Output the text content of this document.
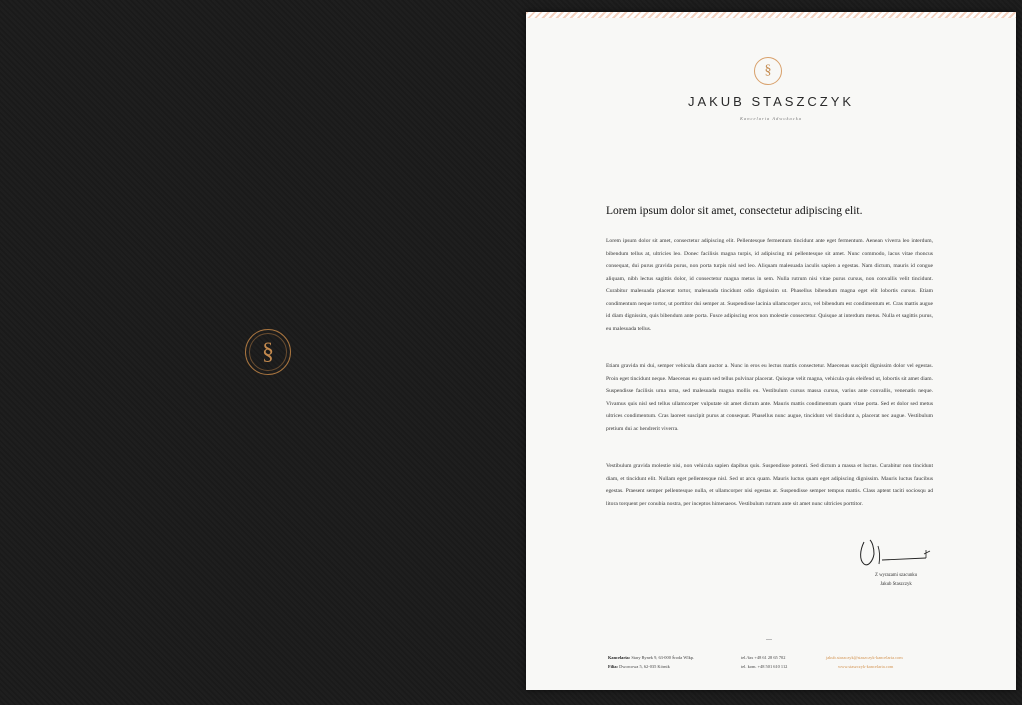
§
§
JAKUB STASZCZYK
Kancelaria Adwokacka
Lorem ipsum dolor sit amet, consectetur adipiscing elit.

Lorem ipsum dolor sit amet, consectetur adipiscing elit. Pellentesque fermentum tincidunt ante eget fermentum. Aenean viverra leo interdum, bibendum tellus at, ultricies leo. Donec facilisis magna turpis, id adipiscing mi pellentesque sit amet. Nunc commodo, lacus vitae rhoncus consequat, dui purus gravida purus, non porta turpis nisl sed leo. Aliquam malesuada iaculis sapien a egestas. Nam dictum, mauris id congue aliquam, nibh lectus sagittis dolor, id consectetur magna metus in sem. Nulla rutrum nisi vitae purus cursus, non convallis velit tincidunt. Curabitur malesuada placerat tortor, malesuada tincidunt odio dignissim ut. Phasellus bibendum magna eget elit lobortis cursus. Etiam condimentum neque tortor, ut porttitor dui semper at. Suspendisse lacinia ullamcorper arcu, vel bibendum est condimentum et. Cras mattis augue id diam dignissim, quis bibendum ante porta. Fusce adipiscing eros non molestie consectetur. Quisque at interdum metus. Nulla et sagittis purus, eu malesuada tellus.

Etiam gravida mi dui, semper vehicula diam auctor a. Nunc in eros eu lectus mattis consectetur. Maecenas suscipit dignissim dolor vel egestas. Proin eget tincidunt neque. Maecenas eu quam sed tellus pulvinar placerat. Quisque velit magna, vehicula quis eleifend ut, lobortis sit amet diam. Suspendisse facilisis urna urna, sed malesuada magna mollis eu. Vestibulum cursus massa cursus, varius ante convallis, venenatis neque. Vivamus quis nisl sed tellus ullamcorper vulputate sit amet dictum ante. Mauris mattis condimentum quam vitae porta. Sed et dolor sed metus ultrices condimentum. Cras laoreet suscipit purus at consequat. Phasellus nunc augue, tincidunt vel tincidunt a, placerat nec augue. Vestibulum pretium dui ac hendrerit viverra.

Vestibulum gravida molestie nisi, non vehicula sapien dapibus quis. Suspendisse potenti. Sed dictum a massa et luctus. Curabitur non tincidunt diam, et tincidunt elit. Nullam eget pellentesque nisl. Sed ut arcu quam. Mauris luctus quam eget adipiscing dignissim. Mauris luctus faucibus egestas. Praesent semper pellentesque nulla, et ullamcorper nisi egestas at. Suspendisse semper tempus mattis. Class aptent taciti sociosqu ad litora torquent per conubia nostra, per inceptos himenaeos. Vestibulum rutrum ante sit amet nunc ultricies porttitor.

Z wyrazami szacunku
Jakub Staszczyk
Kancelaria: Stary Rynek 9, 63-000 Środa Wlkp.
Filia: Dworcowa 5, 62-035 Kórnik
tel./fax +48 61 28 65 702
tel. kom. +48 501 610 112
jakub.staszczyk@staszczyk-kancelaria.com
www.staszczyk-kancelaria.com
